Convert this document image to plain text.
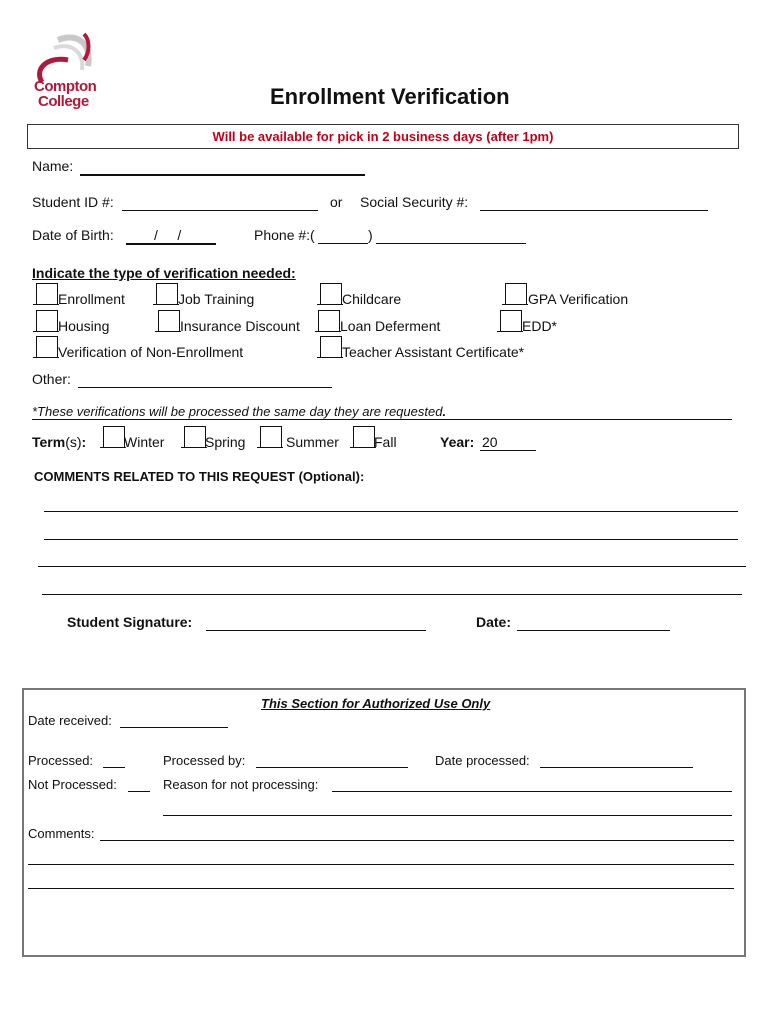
Compton
College	Enrollment Verification
Will be available for pick in 2 business days (after 1pm)
Name:
Student ID #:	or Social Security #:
Date of Birth:	/     /	Phone #:(	)
Indicate the type of verification needed:
Enrollment	Job Training	Childcare	GPA Verification
Housing	Insurance Discount	Loan Deferment	EDD*
Verification of Non-Enrollment	Teacher Assistant Certificate*
Other:
*These verifications will be processed the same day they are requested.
Term(s):	Winter	Spring	Summer	Fall	Year: 20
COMMENTS RELATED TO THIS REQUEST (Optional):
Student Signature:	Date:
This Section for Authorized Use Only
Date received:
Processed:	Processed by:	Date processed:
Not Processed:	Reason for not processing:
Comments:
